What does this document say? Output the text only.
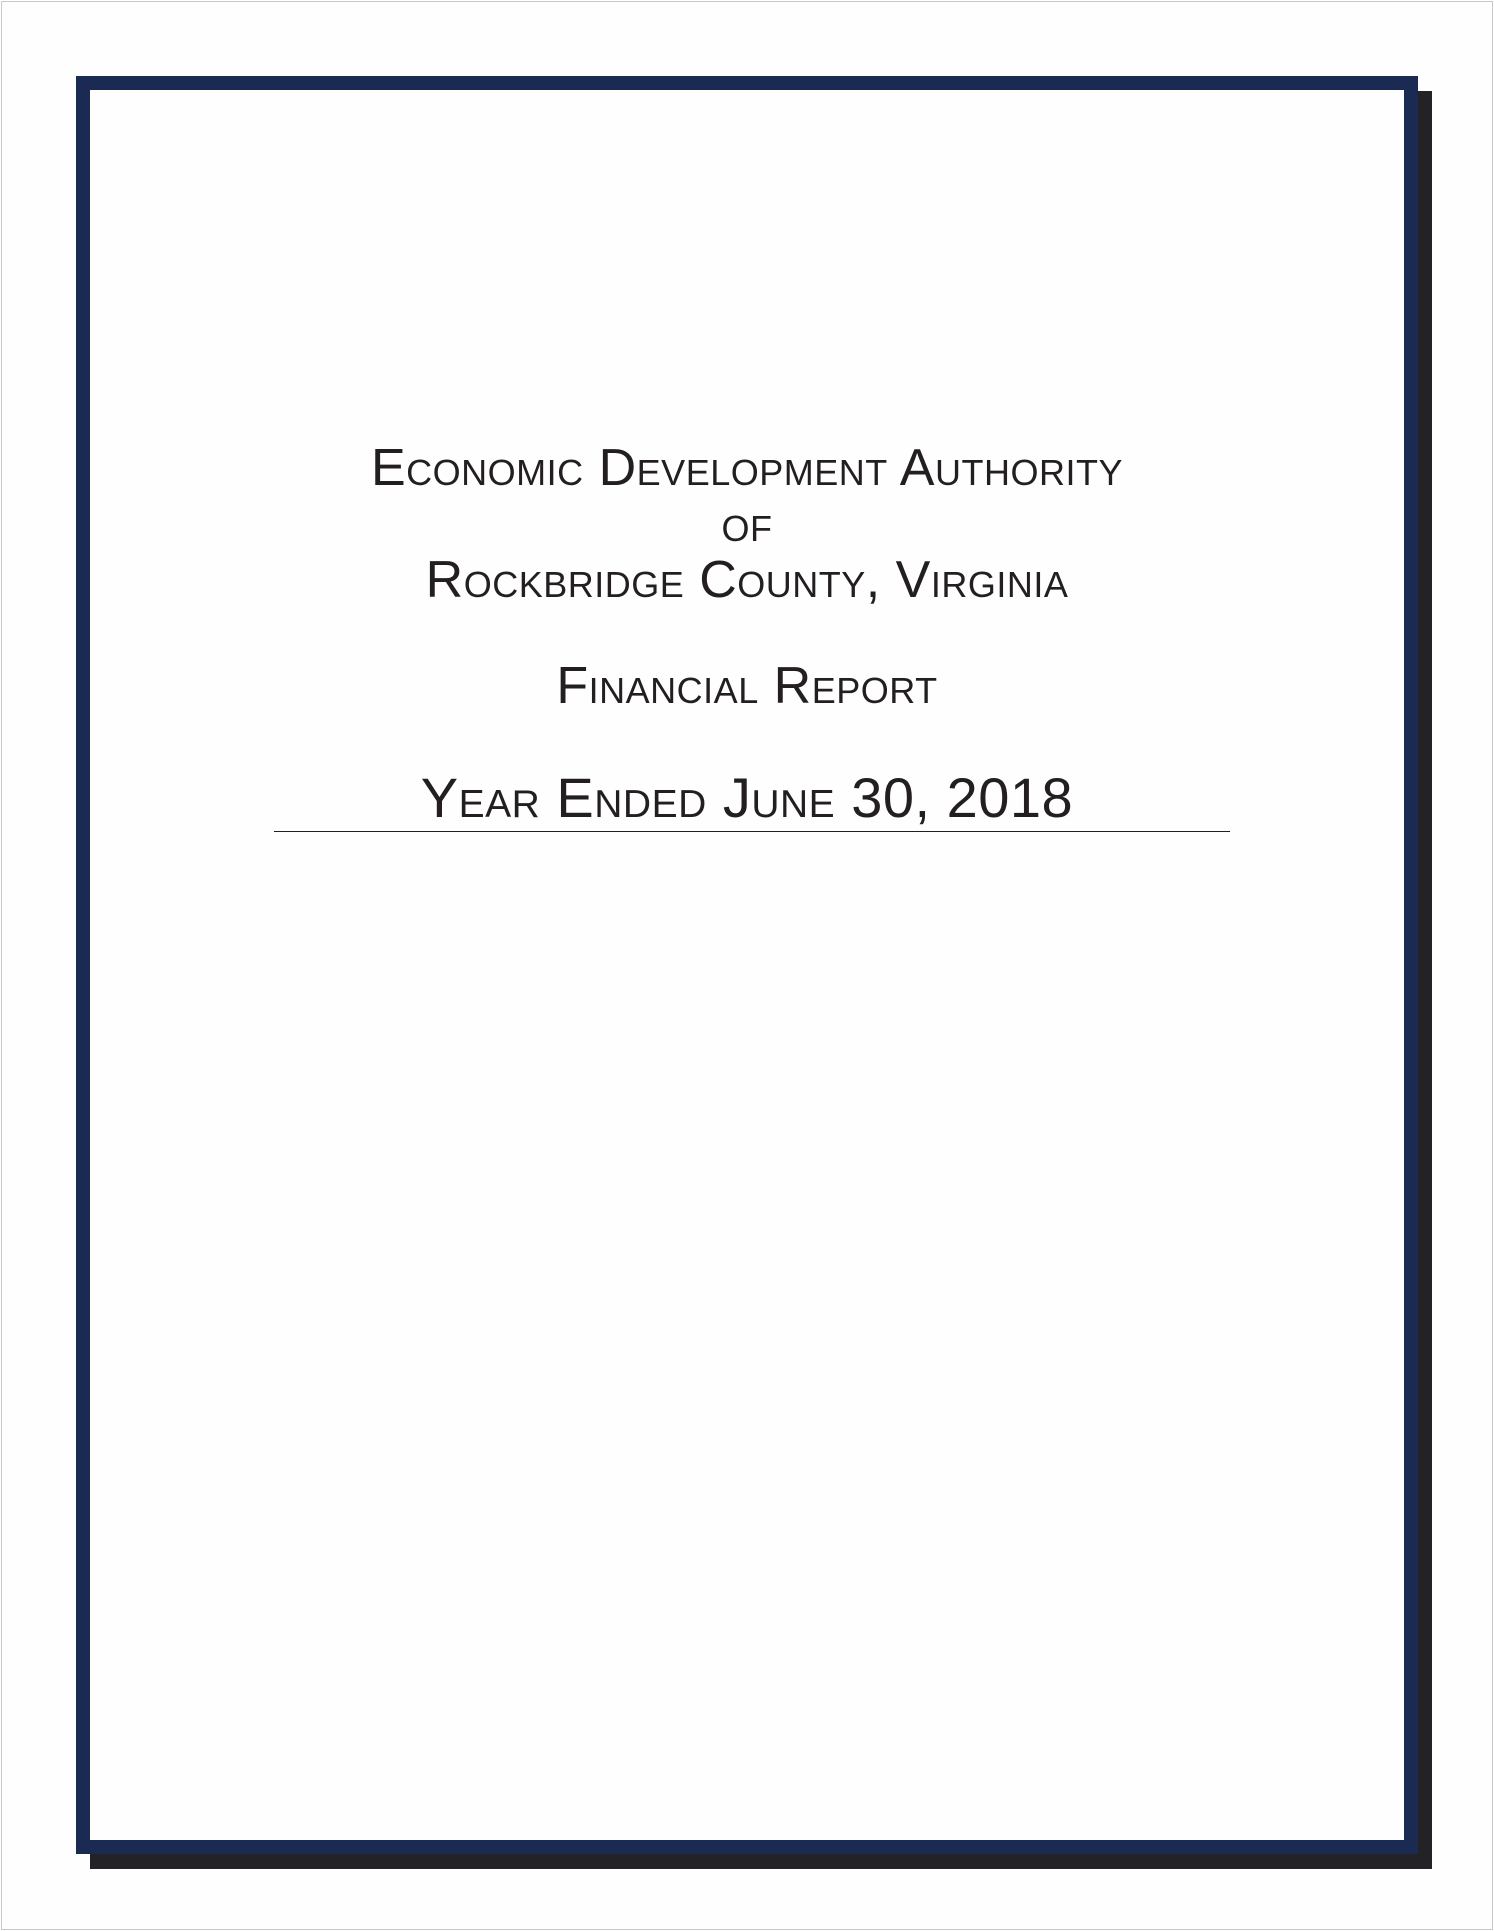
Economic Development Authority
of
Rockbridge County, Virginia
Financial Report
Year Ended June 30, 2018
